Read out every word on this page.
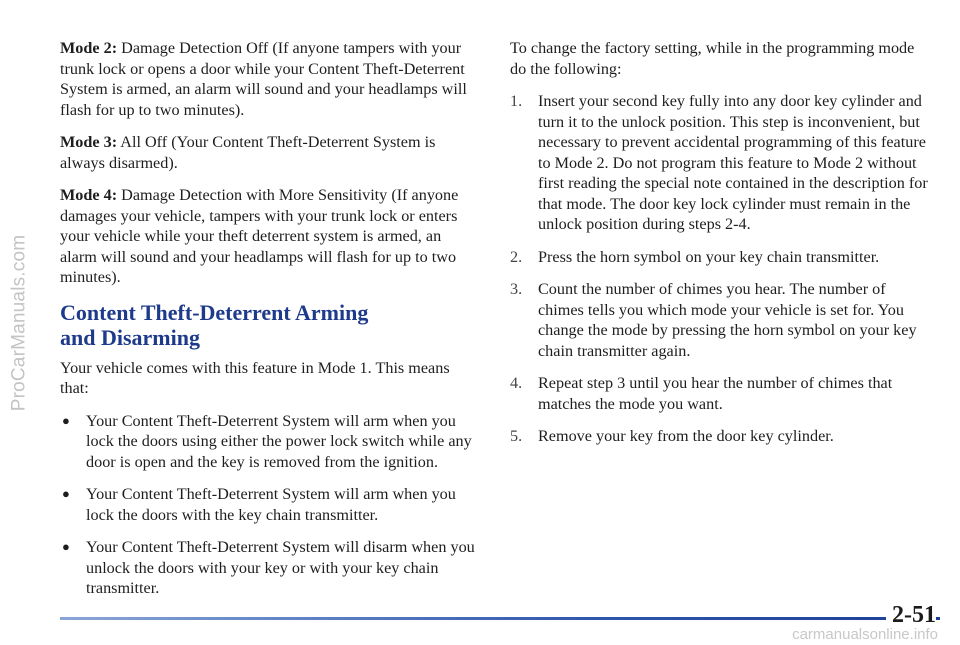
ProCarManuals.com

Mode 2: Damage Detection Off (If anyone tampers with your trunk lock or opens a door while your Content Theft-Deterrent System is armed, an alarm will sound and your headlamps will flash for up to two minutes).

Mode 3: All Off (Your Content Theft-Deterrent System is always disarmed).

Mode 4: Damage Detection with More Sensitivity (If anyone damages your vehicle, tampers with your trunk lock or enters your vehicle while your theft deterrent system is armed, an alarm will sound and your headlamps will flash for up to two minutes).

Content Theft-Deterrent Arming
and Disarming

Your vehicle comes with this feature in Mode 1. This means that:

● Your Content Theft-Deterrent System will arm when you lock the doors using either the power lock switch while any door is open and the key is removed from the ignition.
● Your Content Theft-Deterrent System will arm when you lock the doors with the key chain transmitter.
● Your Content Theft-Deterrent System will disarm when you unlock the doors with your key or with your key chain transmitter.

To change the factory setting, while in the programming mode do the following:

1. Insert your second key fully into any door key cylinder and turn it to the unlock position. This step is inconvenient, but necessary to prevent accidental programming of this feature to Mode 2. Do not program this feature to Mode 2 without first reading the special note contained in the description for that mode. The door key lock cylinder must remain in the unlock position during steps 2-4.
2. Press the horn symbol on your key chain transmitter.
3. Count the number of chimes you hear. The number of chimes tells you which mode your vehicle is set for. You change the mode by pressing the horn symbol on your key chain transmitter again.
4. Repeat step 3 until you hear the number of chimes that matches the mode you want.
5. Remove your key from the door key cylinder.
2-51
carmanualsonline.info
